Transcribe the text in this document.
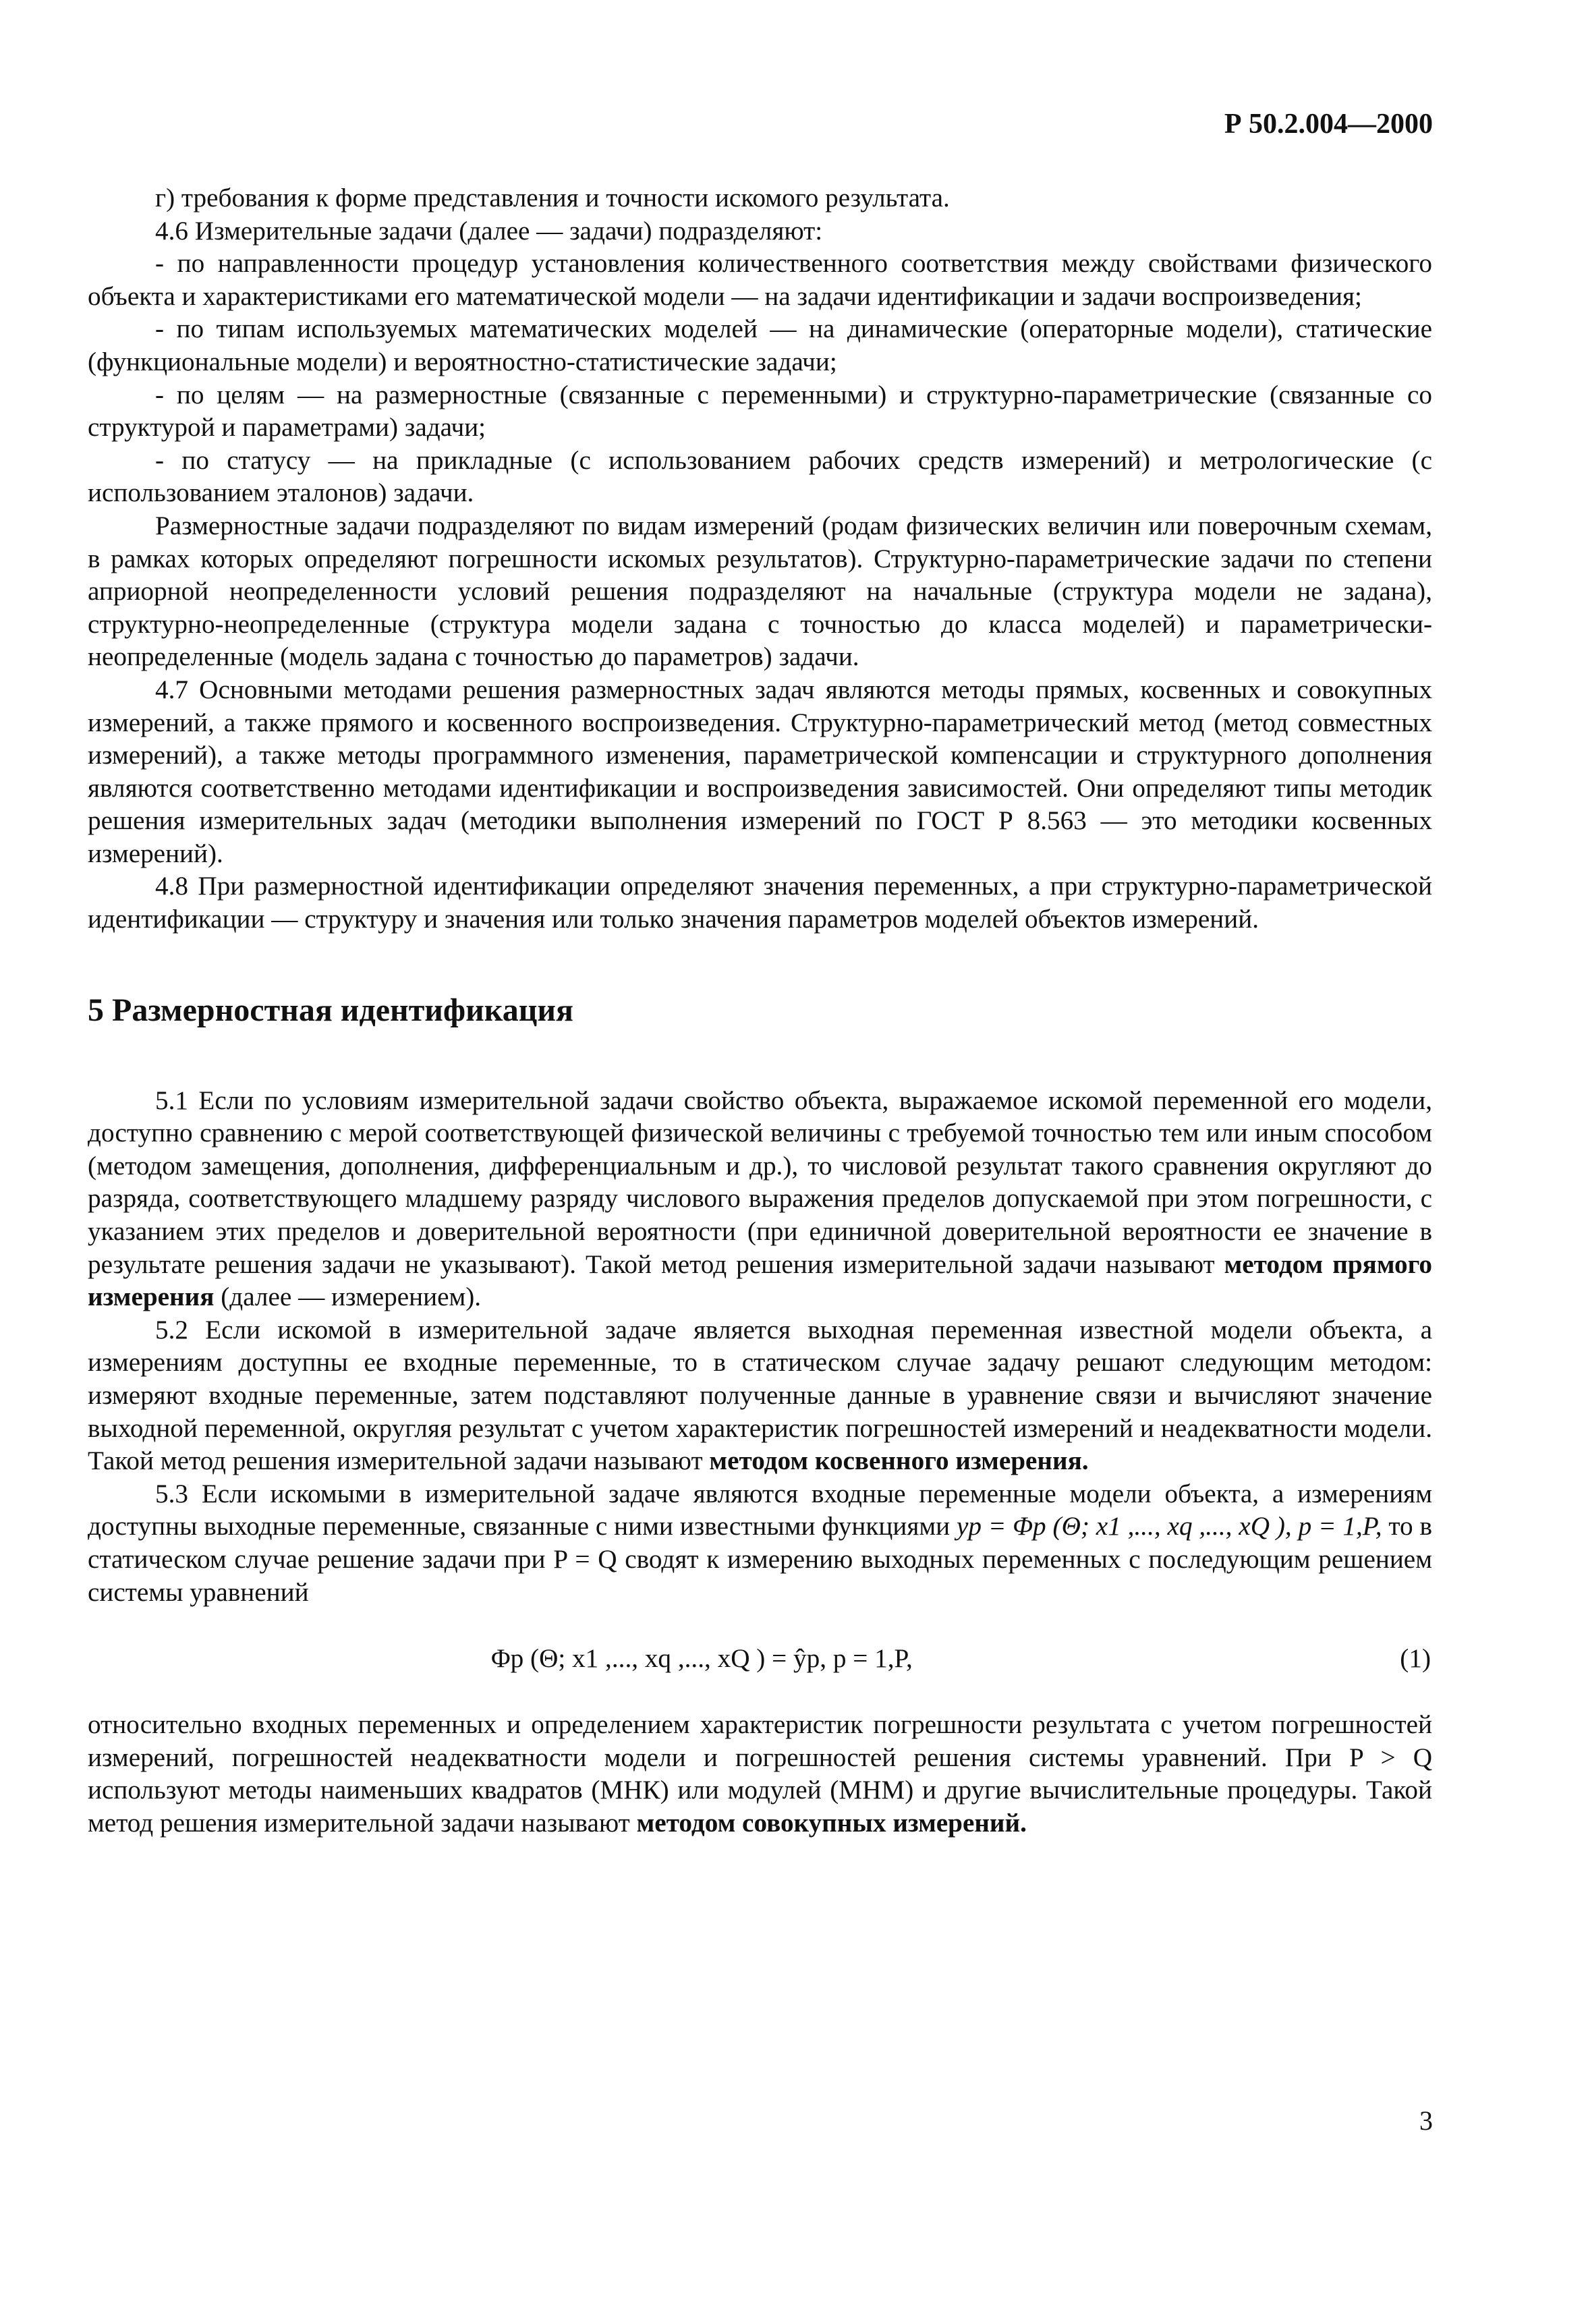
Р 50.2.004—2000

г) требования к форме представления и точности искомого результата.

4.6 Измерительные задачи (далее — задачи) подразделяют:

- по направленности процедур установления количественного соответствия между свойствами физического объекта и характеристиками его математической модели — на задачи идентификации и задачи воспроизведения;

- по типам используемых математических моделей — на динамические (операторные модели), статические (функциональные модели) и вероятностно-статистические задачи;

- по целям — на размерностные (связанные с переменными) и структурно-параметрические (связанные со структурой и параметрами) задачи;

- по статусу — на прикладные (с использованием рабочих средств измерений) и метрологические (с использованием эталонов) задачи.

Размерностные задачи подразделяют по видам измерений (родам физических величин или поверочным схемам, в рамках которых определяют погрешности искомых результатов). Структурно-параметрические задачи по степени априорной неопределенности условий решения подразделяют на начальные (структура модели не задана), структурно-неопределенные (структура модели задана с точностью до класса моделей) и параметрически-неопределенные (модель задана с точностью до параметров) задачи.

4.7 Основными методами решения размерностных задач являются методы прямых, косвенных и совокупных измерений, а также прямого и косвенного воспроизведения. Структурно-параметрический метод (метод совместных измерений), а также методы программного изменения, параметрической компенсации и структурного дополнения являются соответственно методами идентификации и воспроизведения зависимостей. Они определяют типы методик решения измерительных задач (методики выполнения измерений по ГОСТ Р 8.563 — это методики косвенных измерений).

4.8 При размерностной идентификации определяют значения переменных, а при структурно-параметрической идентификации — структуру и значения или только значения параметров моделей объектов измерений.

5 Размерностная идентификация

5.1 Если по условиям измерительной задачи свойство объекта, выражаемое искомой переменной его модели, доступно сравнению с мерой соответствующей физической величины с требуемой точностью тем или иным способом (методом замещения, дополнения, дифференциальным и др.), то числовой результат такого сравнения округляют до разряда, соответствующего младшему разряду числового выражения пределов допускаемой при этом погрешности, с указанием этих пределов и доверительной вероятности (при единичной доверительной вероятности ее значение в результате решения задачи не указывают). Такой метод решения измерительной задачи называют методом прямого измерения (далее — измерением).

5.2 Если искомой в измерительной задаче является выходная переменная известной модели объекта, а измерениям доступны ее входные переменные, то в статическом случае задачу решают следующим методом: измеряют входные переменные, затем подставляют полученные данные в уравнение связи и вычисляют значение выходной переменной, округляя результат с учетом характеристик погрешностей измерений и неадекватности модели. Такой метод решения измерительной задачи называют методом косвенного измерения.

5.3 Если искомыми в измерительной задаче являются входные переменные модели объекта, а измерениям доступны выходные переменные, связанные с ними известными функциями yp = Φp (Θ; x1 ,..., xq ,..., xQ ), p = 1,P, то в статическом случае решение задачи при P = Q сводят к измерению выходных переменных с последующим решением системы уравнений

Φp (Θ; x1 ,..., xq ,..., xQ ) = ŷp, p = 1,P,	(1)

относительно входных переменных и определением характеристик погрешности результата с учетом погрешностей измерений, погрешностей неадекватности модели и погрешностей решения системы уравнений. При P > Q используют методы наименьших квадратов (МНК) или модулей (МНМ) и другие вычислительные процедуры. Такой метод решения измерительной задачи называют методом совокупных измерений.

3
